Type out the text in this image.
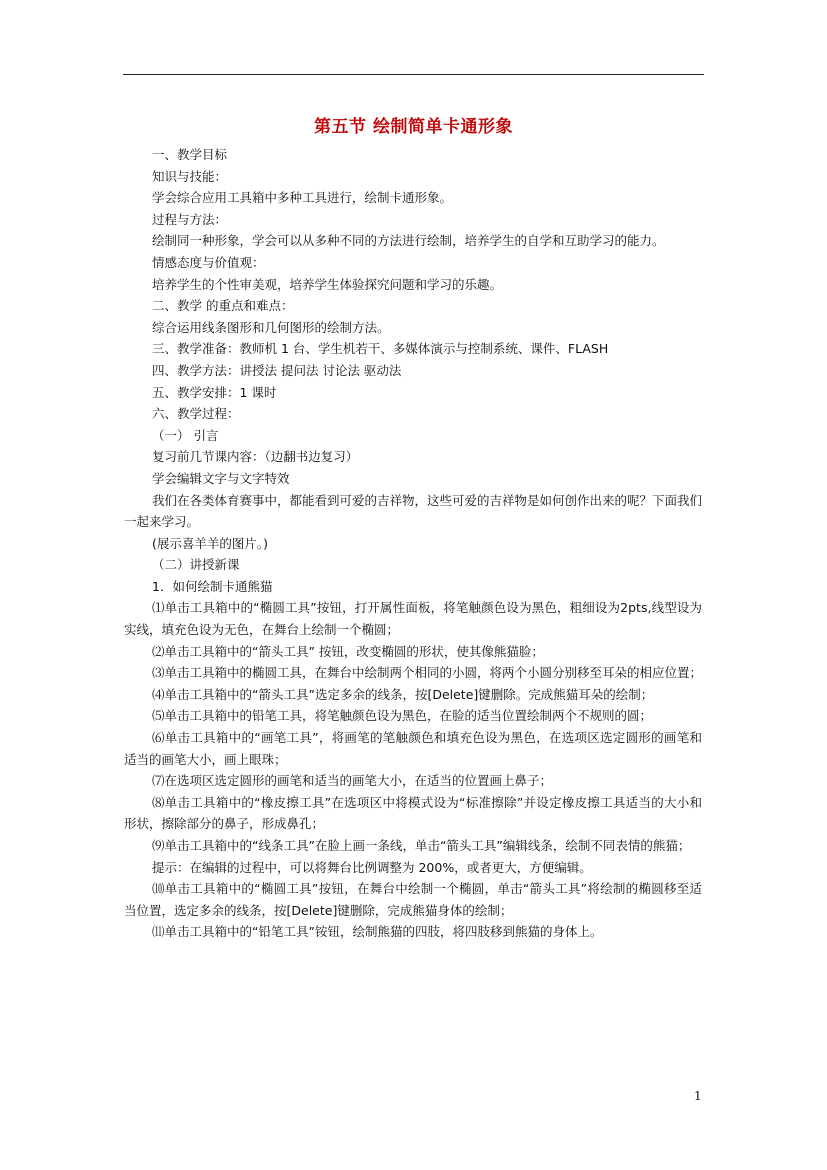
第五节 绘制简单卡通形象

一、教学目标

知识与技能：

学会综合应用工具箱中多种工具进行，绘制卡通形象。

过程与方法：

绘制同一种形象，学会可以从多种不同的方法进行绘制，培养学生的自学和互助学习的能力。

情感态度与价值观：

培养学生的个性审美观，培养学生体验探究问题和学习的乐趣。

二、教学 的重点和难点：

综合运用线条图形和几何图形的绘制方法。

三、教学准备：教师机 1 台、学生机若干、多媒体演示与控制系统、课件、FLASH

四、教学方法：讲授法 提问法 讨论法 驱动法

五、教学安排：1 课时

六、教学过程：

（一） 引言

复习前几节课内容：（边翻书边复习）

学会编辑文字与文字特效

我们在各类体育赛事中，都能看到可爱的吉祥物，这些可爱的吉祥物是如何创作出来的呢？下面我们一起来学习。

(展示喜羊羊的图片。)

（二）讲授新课

1．如何绘制卡通熊猫

⑴单击工具箱中的“椭圆工具”按钮，打开属性面板，将笔触颜色设为黑色，粗细设为2pts,线型设为实线，填充色设为无色，在舞台上绘制一个椭圆；

⑵单击工具箱中的“箭头工具” 按钮，改变椭圆的形状，使其像熊猫脸；

⑶单击工具箱中的椭圆工具，在舞台中绘制两个相同的小圆，将两个小圆分别移至耳朵的相应位置；

⑷单击工具箱中的“箭头工具”选定多余的线条，按[Delete]键删除。完成熊猫耳朵的绘制；

⑸单击工具箱中的铅笔工具，将笔触颜色设为黑色，在脸的适当位置绘制两个不规则的圆；

⑹单击工具箱中的“画笔工具”，将画笔的笔触颜色和填充色设为黑色，在选项区选定圆形的画笔和适当的画笔大小，画上眼珠；

⑺在选项区选定圆形的画笔和适当的画笔大小，在适当的位置画上鼻子；

⑻单击工具箱中的“橡皮擦工具”在选项区中将模式设为“标准擦除”并设定橡皮擦工具适当的大小和形状，擦除部分的鼻子，形成鼻孔；

⑼单击工具箱中的“线条工具”在脸上画一条线，单击“箭头工具”编辑线条，绘制不同表情的熊猫；

提示：在编辑的过程中，可以将舞台比例调整为 200%，或者更大，方便编辑。

⑽单击工具箱中的“椭圆工具”按钮，在舞台中绘制一个椭圆，单击“箭头工具”将绘制的椭圆移至适当位置，选定多余的线条，按[Delete]键删除，完成熊猫身体的绘制；

⑾单击工具箱中的“铅笔工具”铵钮，绘制熊猫的四肢，将四肢移到熊猫的身体上。

1
